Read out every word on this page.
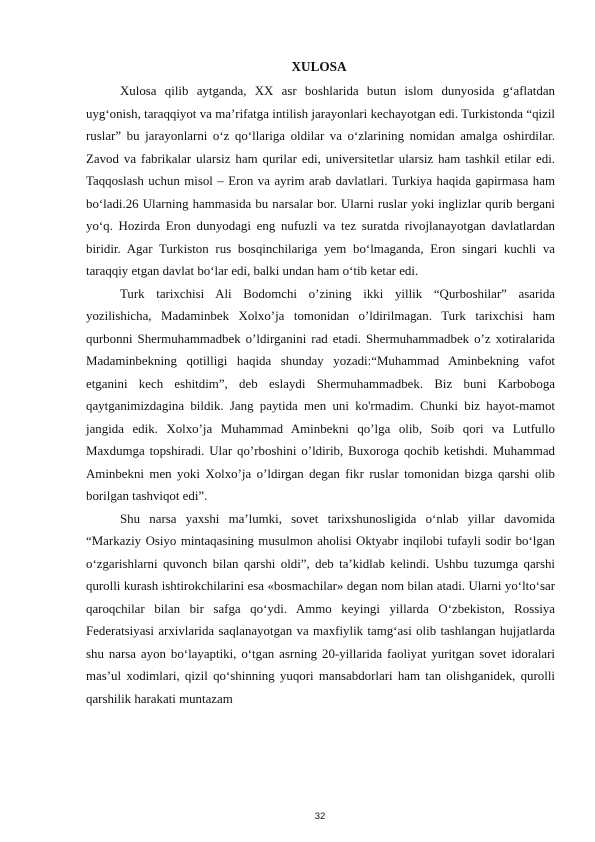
XULOSA

Xulosa qilib aytganda, XX asr boshlarida butun islom dunyosida g‘aflatdan uyg‘onish, taraqqiyot va ma’rifatga intilish jarayonlari kechayotgan edi. Turkistonda “qizil ruslar” bu jarayonlarni o‘z qo‘llariga oldilar va o‘zlarining nomidan amalga oshirdilar. Zavod va fabrikalar ularsiz ham qurilar edi, universitetlar ularsiz ham tashkil etilar edi. Taqqoslash uchun misol – Eron va ayrim arab davlatlari. Turkiya haqida gapirmasa ham bo‘ladi.26 Ularning hammasida bu narsalar bor. Ularni ruslar yoki inglizlar qurib bergani yo‘q. Hozirda Eron dunyodagi eng nufuzli va tez suratda rivojlanayotgan davlatlardan biridir. Agar Turkiston rus bosqinchilariga yem bo‘lmaganda, Eron singari kuchli va taraqqiy etgan davlat bo‘lar edi, balki undan ham o‘tib ketar edi.

Turk tarixchisi Ali Bodomchi o’zining ikki yillik “Qurboshilar” asarida yozilishicha, Madaminbek Xolxo’ja tomonidan o’ldirilmagan. Turk tarixchisi ham qurbonni Shermuhammadbek o’ldirganini rad etadi. Shermuhammadbek o’z xotiralarida Madaminbekning qotilligi haqida shunday yozadi:“Muhammad Aminbekning vafot etganini kech eshitdim”, deb eslaydi Shermuhammadbek. Biz buni Karboboga qaytganimizdagina bildik. Jang paytida men uni ko'rmadim. Chunki biz hayot-mamot jangida edik. Xolxo’ja Muhammad Aminbekni qo’lga olib, Soib qori va Lutfullo Maxdumga topshiradi. Ular qo’rboshini o’ldirib, Buxoroga qochib ketishdi. Muhammad Aminbekni men yoki Xolxo’ja o’ldirgan degan fikr ruslar tomonidan bizga qarshi olib borilgan tashviqot edi”.

Shu narsa yaxshi ma’lumki, sovet tarixshunosligida o‘nlab yillar davomida “Markaziy Osiyo mintaqasining musulmon aholisi Oktyabr inqilobi tufayli sodir bo‘lgan o‘zgarishlarni quvonch bilan qarshi oldi”, deb ta’kidlab kelindi. Ushbu tuzumga qarshi qurolli kurash ishtirokchilarini esa «bosmachilar» degan nom bilan atadi. Ularni yo‘lto‘sar qaroqchilar bilan bir safga qo‘ydi. Ammo keyingi yillarda O‘zbekiston, Rossiya Federatsiyasi arxivlarida saqlanayotgan va maxfiylik tamg‘asi olib tashlangan hujjatlarda shu narsa ayon bo‘layaptiki, o‘tgan asrning 20-yillarida faoliyat yuritgan sovet idoralari mas’ul xodimlari, qizil qo‘shinning yuqori mansabdorlari ham tan olishganidek, qurolli qarshilik harakati muntazam

32
